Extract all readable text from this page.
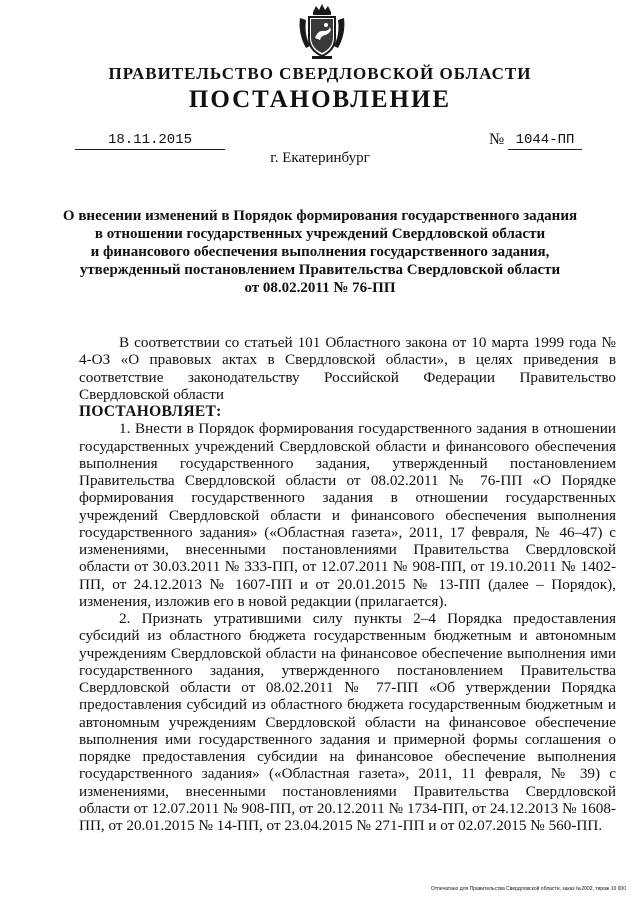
ПРАВИТЕЛЬСТВО СВЕРДЛОВСКОЙ ОБЛАСТИ
ПОСТАНОВЛЕНИЕ
18.11.2015	№ 1044-ПП
г. Екатеринбург
О внесении изменений в Порядок формирования государственного задания
в отношении государственных учреждений Свердловской области
и финансового обеспечения выполнения государственного задания,
утвержденный постановлением Правительства Свердловской области
от 08.02.2011 № 76-ПП

В соответствии со статьей 101 Областного закона от 10 марта 1999 года № 4-ОЗ «О правовых актах в Свердловской области», в целях приведения в соответствие законодательству Российской Федерации Правительство Свердловской области

ПОСТАНОВЛЯЕТ:

1. Внести в Порядок формирования государственного задания в отношении государственных учреждений Свердловской области и финансового обеспечения выполнения государственного задания, утвержденный постановлением Правительства Свердловской области от 08.02.2011 № 76-ПП «О Порядке формирования государственного задания в отношении государственных учреждений Свердловской области и финансового обеспечения выполнения государственного задания» («Областная газета», 2011, 17 февраля, № 46–47) с изменениями, внесенными постановлениями Правительства Свердловской области от 30.03.2011 № 333-ПП, от 12.07.2011 № 908-ПП, от 19.10.2011 № 1402-ПП, от 24.12.2013 № 1607-ПП и от 20.01.2015 № 13-ПП (далее – Порядок), изменения, изложив его в новой редакции (прилагается).

2. Признать утратившими силу пункты 2–4 Порядка предоставления субсидий из областного бюджета государственным бюджетным и автономным учреждениям Свердловской области на финансовое обеспечение выполнения ими государственного задания, утвержденного постановлением Правительства Свердловской области от 08.02.2011 № 77-ПП «Об утверждении Порядка предоставления субсидий из областного бюджета государственным бюджетным и автономным учреждениям Свердловской области на финансовое обеспечение выполнения ими государственного задания и примерной формы соглашения о порядке предоставления субсидии на финансовое обеспечение выполнения государственного задания» («Областная газета», 2011, 11 февраля, № 39) с изменениями, внесенными постановлениями Правительства Свердловской области от 12.07.2011 № 908-ПП, от 20.12.2011 № 1734-ПП, от 24.12.2013 № 1608-ПП, от 20.01.2015 № 14-ПП, от 23.04.2015 № 271-ПП и от 02.07.2015 № 560-ПП.

Отпечатано для Правительства Свердловской области, заказ №2002, тираж 10 000
